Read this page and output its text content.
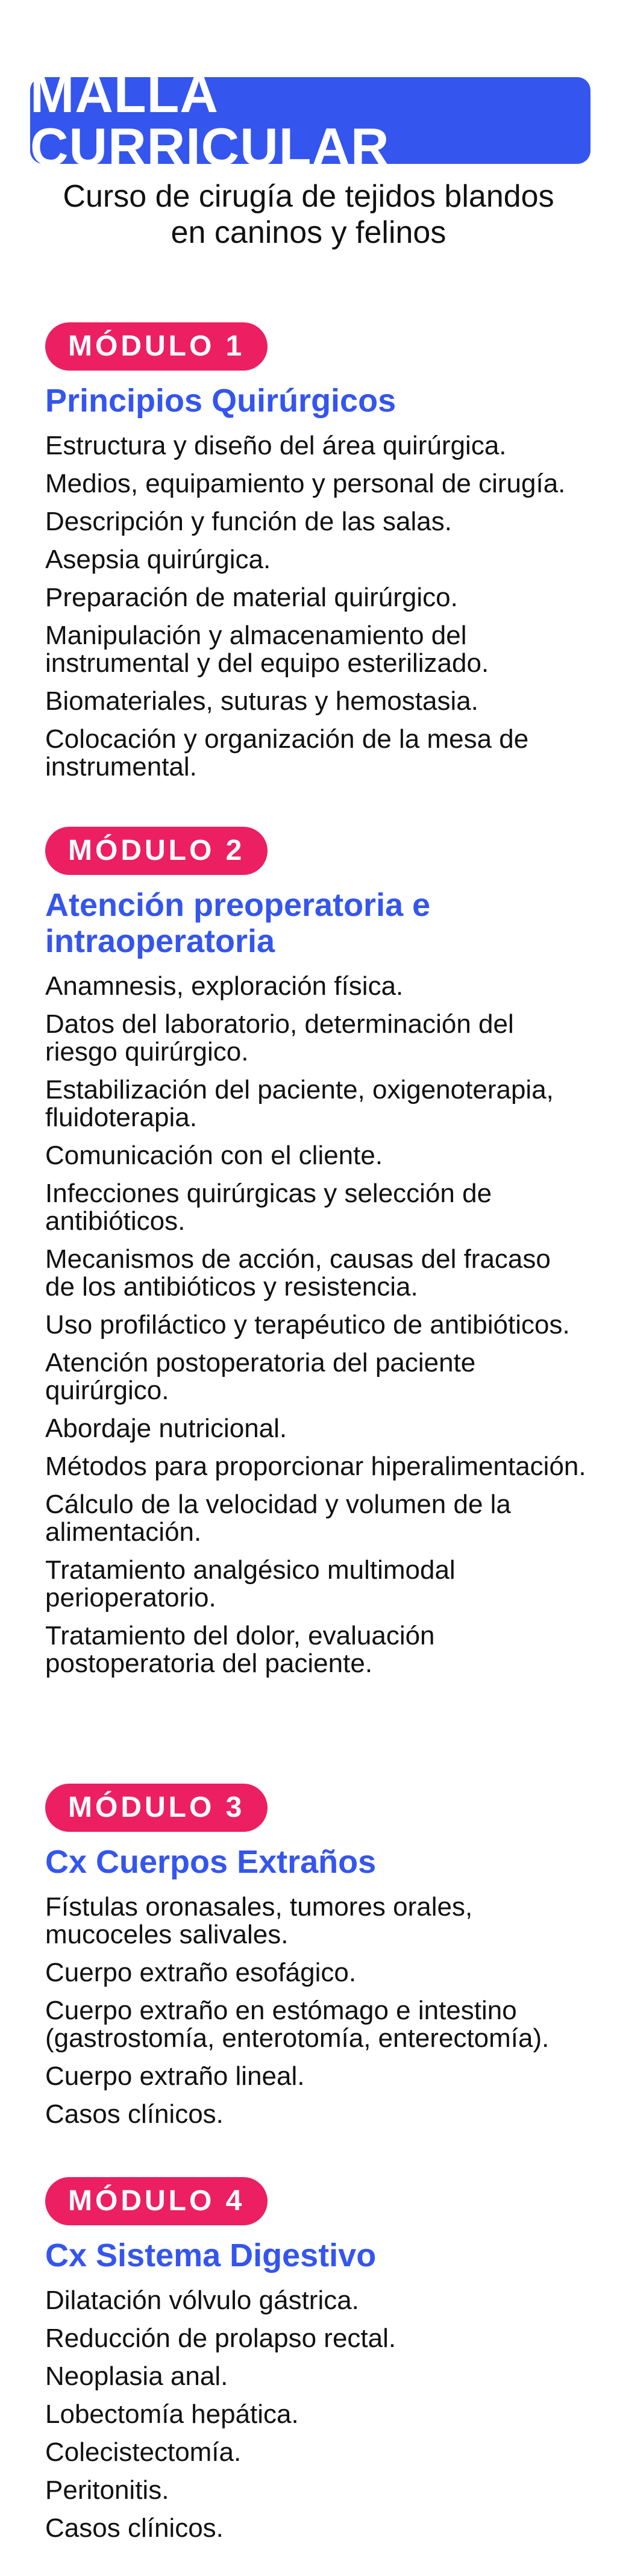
MALLA CURRICULAR
Curso de cirugía de tejidos blandos
en caninos y felinos
MÓDULO 1
Principios Quirúrgicos
Estructura y diseño del área quirúrgica.
Medios, equipamiento y personal de cirugía.
Descripción y función de las salas.
Asepsia quirúrgica.
Preparación de material quirúrgico.
Manipulación y almacenamiento del instrumental y del equipo esterilizado.
Biomateriales, suturas y hemostasia.
Colocación y organización de la mesa de instrumental.
MÓDULO 2
Atención preoperatoria e intraoperatoria
Anamnesis, exploración física.
Datos del laboratorio, determinación del riesgo quirúrgico.
Estabilización del paciente, oxigenoterapia, fluidoterapia.
Comunicación con el cliente.
Infecciones quirúrgicas y selección de antibióticos.
Mecanismos de acción, causas del fracaso de los antibióticos y resistencia.
Uso profiláctico y terapéutico de antibióticos.
Atención postoperatoria del paciente quirúrgico.
Abordaje nutricional.
Métodos para proporcionar hiperalimentación.
Cálculo de la velocidad y volumen de la alimentación.
Tratamiento analgésico multimodal perioperatorio.
Tratamiento del dolor, evaluación postoperatoria del paciente.
MÓDULO 3
Cx Cuerpos Extraños
Fístulas oronasales, tumores orales, mucoceles salivales.
Cuerpo extraño esofágico.
Cuerpo extraño en estómago e intestino (gastrostomía, enterotomía, enterectomía).
Cuerpo extraño lineal.
Casos clínicos.
MÓDULO 4
Cx Sistema Digestivo
Dilatación vólvulo gástrica.
Reducción de prolapso rectal.
Neoplasia anal.
Lobectomía hepática.
Colecistectomía.
Peritonitis.
Casos clínicos.
